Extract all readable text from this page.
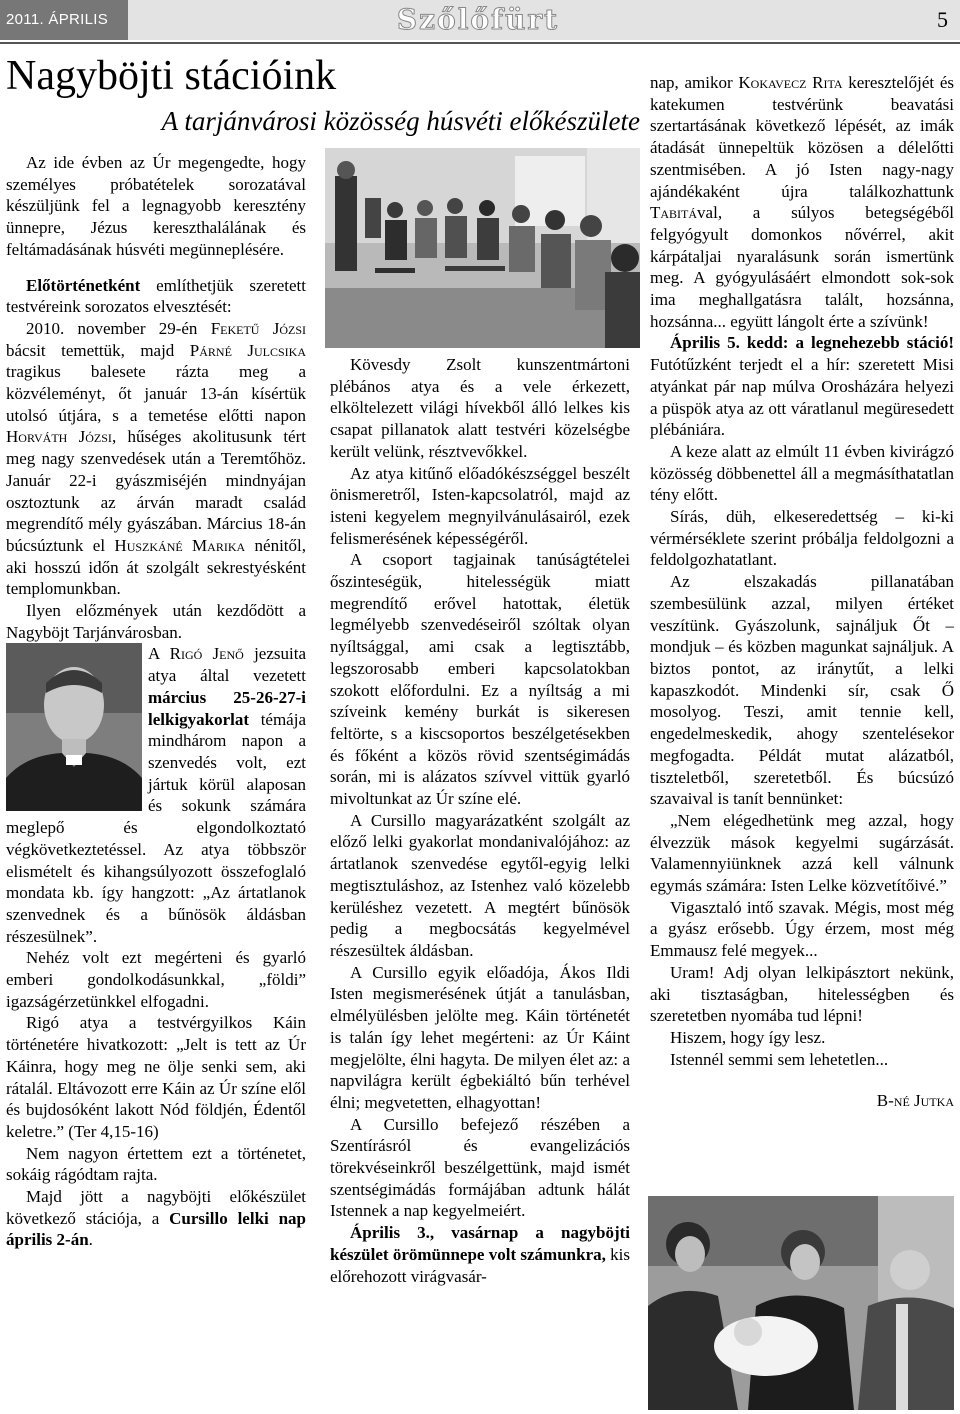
2011. ÁPRILIS	Szőlőfürt	5
Nagyböjti stációink
A tarjánvárosi közösség húsvéti előkészülete

Az ide évben az Úr megengedte, hogy személyes próbatételek sorozatával készüljünk fel a legnagyobb keresztény ünnepre, Jézus kereszthalálának és feltámadásának húsvéti megünneplésére.

Előtörténetként említhetjük szeretett testvéreink sorozatos elvesztését:

2010. november 29-én Feketű Józsi bácsit temettük, majd Párné Julcsika tragikus balesete rázta meg a közvéleményt, őt január 13-án kísértük utolsó útjára, s a temetése előtti napon Horváth Józsi, hűséges akolitusunk tért meg nagy szenvedések után a Teremtőhöz. Január 22-i gyászmiséjén mindnyájan osztoztunk az árván maradt család megrendítő mély gyászában. Március 18-án búcsúztunk el Huszkáné Marika nénitől, aki hosszú időn át szolgált sekrestyésként templomunkban.

Ilyen előzmények után kezdődött a Nagyböjt Tarjánvárosban.

A Rigó Jenő jezsuita atya által vezetett március 25-26-27-i lelkigyakorlat témája mindhárom napon a szenvedés volt, ezt jártuk körül alaposan és sokunk számára meglepő és elgondolkoztató végkövetkeztetéssel. Az atya többször elismételt és kihangsúlyozott összefoglaló mondata kb. így hangzott: „Az ártatlanok szenvednek és a bűnösök áldásban részesülnek”.

Nehéz volt ezt megérteni és gyarló emberi gondolkodásunkkal, „földi” igazságérzetünkkel elfogadni.

Rigó atya a testvérgyilkos Káin történetére hivatkozott: „Jelt is tett az Úr Káinra, hogy meg ne ölje senki sem, aki rátalál. Eltávozott erre Káin az Úr színe elől és bujdosóként lakott Nód földjén, Édentől keletre.” (Ter 4,15-16)

Nem nagyon értettem ezt a történetet, sokáig rágódtam rajta.

Majd jött a nagyböjti előkészület következő stációja, a Cursillo lelki nap április 2-án.

Kövesdy Zsolt kunszentmártoni plébános atya és a vele érkezett, elköltelezett világi hívekből álló lelkes kis csapat pillanatok alatt testvéri közelségbe került velünk, résztvevőkkel.

Az atya kitűnő előadókészséggel beszélt önismeretről, Isten-kapcsolatról, majd az isteni kegyelem megnyilvánulásairól, ezek felismerésének képességéről.

A csoport tagjainak tanúságtételei őszinteségük, hitelességük miatt megrendítő erővel hatottak, életük legmélyebb szenvedéseiről szóltak olyan nyíltsággal, ami csak a legtisztább, legszorosabb emberi kapcsolatokban szokott előfordulni. Ez a nyíltság a mi szíveink kemény burkát is sikeresen feltörte, s a kiscsoportos beszélgetésekben és főként a közös rövid szentségimádás során, mi is alázatos szívvel vittük gyarló mivoltunkat az Úr színe elé.

A Cursillo magyarázatként szolgált az előző lelki gyakorlat mondanivalójához: az ártatlanok szenvedése egytől-egyig lelki megtisztuláshoz, az Istenhez való közelebb kerüléshez vezetett. A megtért bűnösök pedig a megbocsátás kegyelmével részesültek áldásban.

A Cursillo egyik előadója, Ákos Ildi Isten megismerésének útját a tanulásban, elmélyülésben jelölte meg. Káin történetét is talán így lehet megérteni: az Úr Káint megjelölte, élni hagyta. De milyen élet az: a napvilágra került égbekiáltó bűn terhével élni; megvetetten, elhagyottan!

A Cursillo befejező részében a Szentírásról és evangelizációs törekvéseinkről beszélgettünk, majd ismét szentségimádás formájában adtunk hálát Istennek a nap kegyelmeiért.

Április 3., vasárnap a nagyböjti készület örömünnepe volt számunkra, kis előrehozott virágvasár-

nap, amikor Kokavecz Rita keresztelőjét és katekumen testvérünk beavatási szertartásának következő lépését, az imák átadását ünnepeltük közösen a délelőtti szentmisében. A jó Isten nagy-nagy ajándékaként újra találkozhattunk Tabitával, a súlyos betegségéből felgyógyult domonkos nővérrel, akit kárpátaljai nyaralásunk során ismertünk meg. A gyógyulásáért elmondott sok-sok ima meghallgatásra talált, hozsánna, hozsánna... együtt lángolt érte a szívünk!

Április 5. kedd: a legnehezebb stáció! Futótűzként terjedt el a hír: szeretett Misi atyánkat pár nap múlva Orosházára helyezi a püspök atya az ott váratlanul megüresedett plébániára.

A keze alatt az elmúlt 11 évben kivirágzó közösség döbbenettel áll a megmásíthatatlan tény előtt.

Sírás, düh, elkeseredettség – ki-ki vérmérséklete szerint próbálja feldolgozni a feldolgozhatatlant.

Az elszakadás pillanatában szembesülünk azzal, milyen értéket veszítünk. Gyászolunk, sajnáljuk Őt – mondjuk – és közben magunkat sajnáljuk. A biztos pontot, az iránytűt, a lelki kapaszkodót. Mindenki sír, csak Ő mosolyog. Teszi, amit tennie kell, engedelmeskedik, ahogy szentelésekor megfogadta. Példát mutat alázatból, tiszteletből, szeretetből. És búcsúzó szavaival is tanít bennünket:

„Nem elégedhetünk meg azzal, hogy élvezzük mások kegyelmi sugárzását. Valamennyiünknek azzá kell válnunk egymás számára: Isten Lelke közvetítőivé.”

Vigasztaló intő szavak. Mégis, most még a gyász erősebb. Úgy érzem, most még Emmausz felé megyek...

Uram! Adj olyan lelkipásztort nekünk, aki tisztaságban, hitelességben és szeretetben nyomába tud lépni!

Hiszem, hogy így lesz.

Istennél semmi sem lehetetlen...

B-né Jutka
